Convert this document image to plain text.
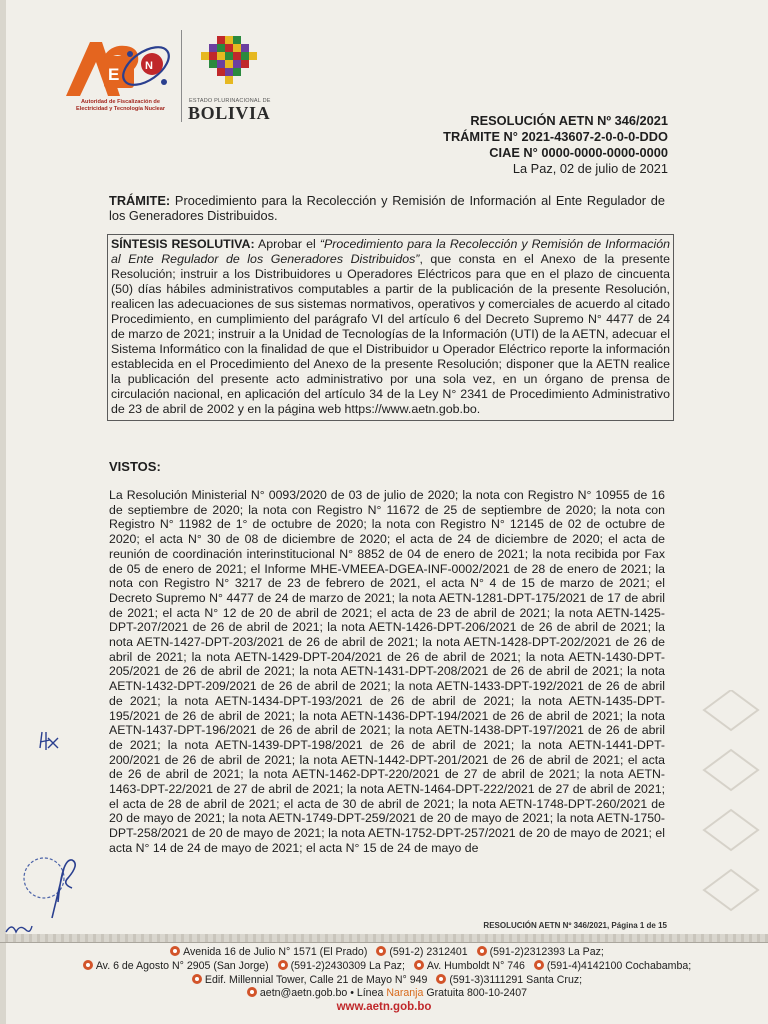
E N
Autoridad de Fiscalización de
Electricidad y Tecnología Nuclear
ESTADO PLURINACIONAL DE
BOLIVIA	RESOLUCIÓN AETN Nº 346/2021
TRÁMITE N° 2021-43607-2-0-0-0-DDO
CIAE N° 0000-0000-0000-0000
La Paz, 02 de julio de 2021
TRÁMITE: Procedimiento para la Recolección y Remisión de Información al Ente Regulador de los Generadores Distribuidos.
SÍNTESIS RESOLUTIVA: Aprobar el “Procedimiento para la Recolección y Remisión de Información al Ente Regulador de los Generadores Distribuidos”, que consta en el Anexo de la presente Resolución; instruir a los Distribuidores u Operadores Eléctricos para que en el plazo de cincuenta (50) días hábiles administrativos computables a partir de la publicación de la presente Resolución, realicen las adecuaciones de sus sistemas normativos, operativos y comerciales de acuerdo al citado Procedimiento, en cumplimiento del parágrafo VI del artículo 6 del Decreto Supremo N° 4477 de 24 de marzo de 2021; instruir a la Unidad de Tecnologías de la Información (UTI) de la AETN, adecuar el Sistema Informático con la finalidad de que el Distribuidor u Operador Eléctrico reporte la información establecida en el Procedimiento del Anexo de la presente Resolución; disponer que la AETN realice la publicación del presente acto administrativo por una sola vez, en un órgano de prensa de circulación nacional, en aplicación del artículo 34 de la Ley N° 2341 de Procedimiento Administrativo de 23 de abril de 2002 y en la página web https://www.aetn.gob.bo.
VISTOS:
La Resolución Ministerial N° 0093/2020 de 03 de julio de 2020; la nota con Registro N° 10955 de 16 de septiembre de 2020; la nota con Registro N° 11672 de 25 de septiembre de 2020; la nota con Registro N° 11982 de 1° de octubre de 2020; la nota con Registro N° 12145 de 02 de octubre de 2020; el acta N° 30 de 08 de diciembre de 2020; el acta de 24 de diciembre de 2020; el acta de reunión de coordinación interinstitucional N° 8852 de 04 de enero de 2021; la nota recibida por Fax de 05 de enero de 2021; el Informe MHE-VMEEA-DGEA-INF-0002/2021 de 28 de enero de 2021; la nota con Registro N° 3217 de 23 de febrero de 2021, el acta N° 4 de 15 de marzo de 2021; el Decreto Supremo N° 4477 de 24 de marzo de 2021; la nota AETN-1281-DPT-175/2021 de 17 de abril de 2021; el acta N° 12 de 20 de abril de 2021; el acta de 23 de abril de 2021; la nota AETN-1425-DPT-207/2021 de 26 de abril de 2021; la nota AETN-1426-DPT-206/2021 de 26 de abril de 2021; la nota AETN-1427-DPT-203/2021 de 26 de abril de 2021; la nota AETN-1428-DPT-202/2021 de 26 de abril de 2021; la nota AETN-1429-DPT-204/2021 de 26 de abril de 2021; la nota AETN-1430-DPT-205/2021 de 26 de abril de 2021; la nota AETN-1431-DPT-208/2021 de 26 de abril de 2021; la nota AETN-1432-DPT-209/2021 de 26 de abril de 2021; la nota AETN-1433-DPT-192/2021 de 26 de abril de 2021; la nota AETN-1434-DPT-193/2021 de 26 de abril de 2021; la nota AETN-1435-DPT-195/2021 de 26 de abril de 2021; la nota AETN-1436-DPT-194/2021 de 26 de abril de 2021; la nota AETN-1437-DPT-196/2021 de 26 de abril de 2021; la nota AETN-1438-DPT-197/2021 de 26 de abril de 2021; la nota AETN-1439-DPT-198/2021 de 26 de abril de 2021; la nota AETN-1441-DPT-200/2021 de 26 de abril de 2021; la nota AETN-1442-DPT-201/2021 de 26 de abril de 2021; el acta de 26 de abril de 2021; la nota AETN-1462-DPT-220/2021 de 27 de abril de 2021; la nota AETN-1463-DPT-22/2021 de 27 de abril de 2021; la nota AETN-1464-DPT-222/2021 de 27 de abril de 2021; el acta de 28 de abril de 2021; el acta de 30 de abril de 2021; la nota AETN-1748-DPT-260/2021 de 20 de mayo de 2021; la nota AETN-1749-DPT-259/2021 de 20 de mayo de 2021; la nota AETN-1750-DPT-258/2021 de 20 de mayo de 2021; la nota AETN-1752-DPT-257/2021 de 20 de mayo de 2021; el acta N° 14 de 24 de mayo de 2021; el acta N° 15 de 24 de mayo de
RESOLUCIÓN AETN Nº 346/2021, Página 1 de 15
Avenida 16 de Julio N° 1571 (El Prado) (591-2) 2312401 (591-2)2312393 La Paz;
Av. 6 de Agosto N° 2905 (San Jorge) (591-2)2430309 La Paz; Av. Humboldt N° 746 (591-4)4142100 Cochabamba;
Edif. Millennial Tower, Calle 21 de Mayo N° 949 (591-3)3111291 Santa Cruz;
aetn@aetn.gob.bo • Línea Naranja Gratuita 800-10-2407
www.aetn.gob.bo
